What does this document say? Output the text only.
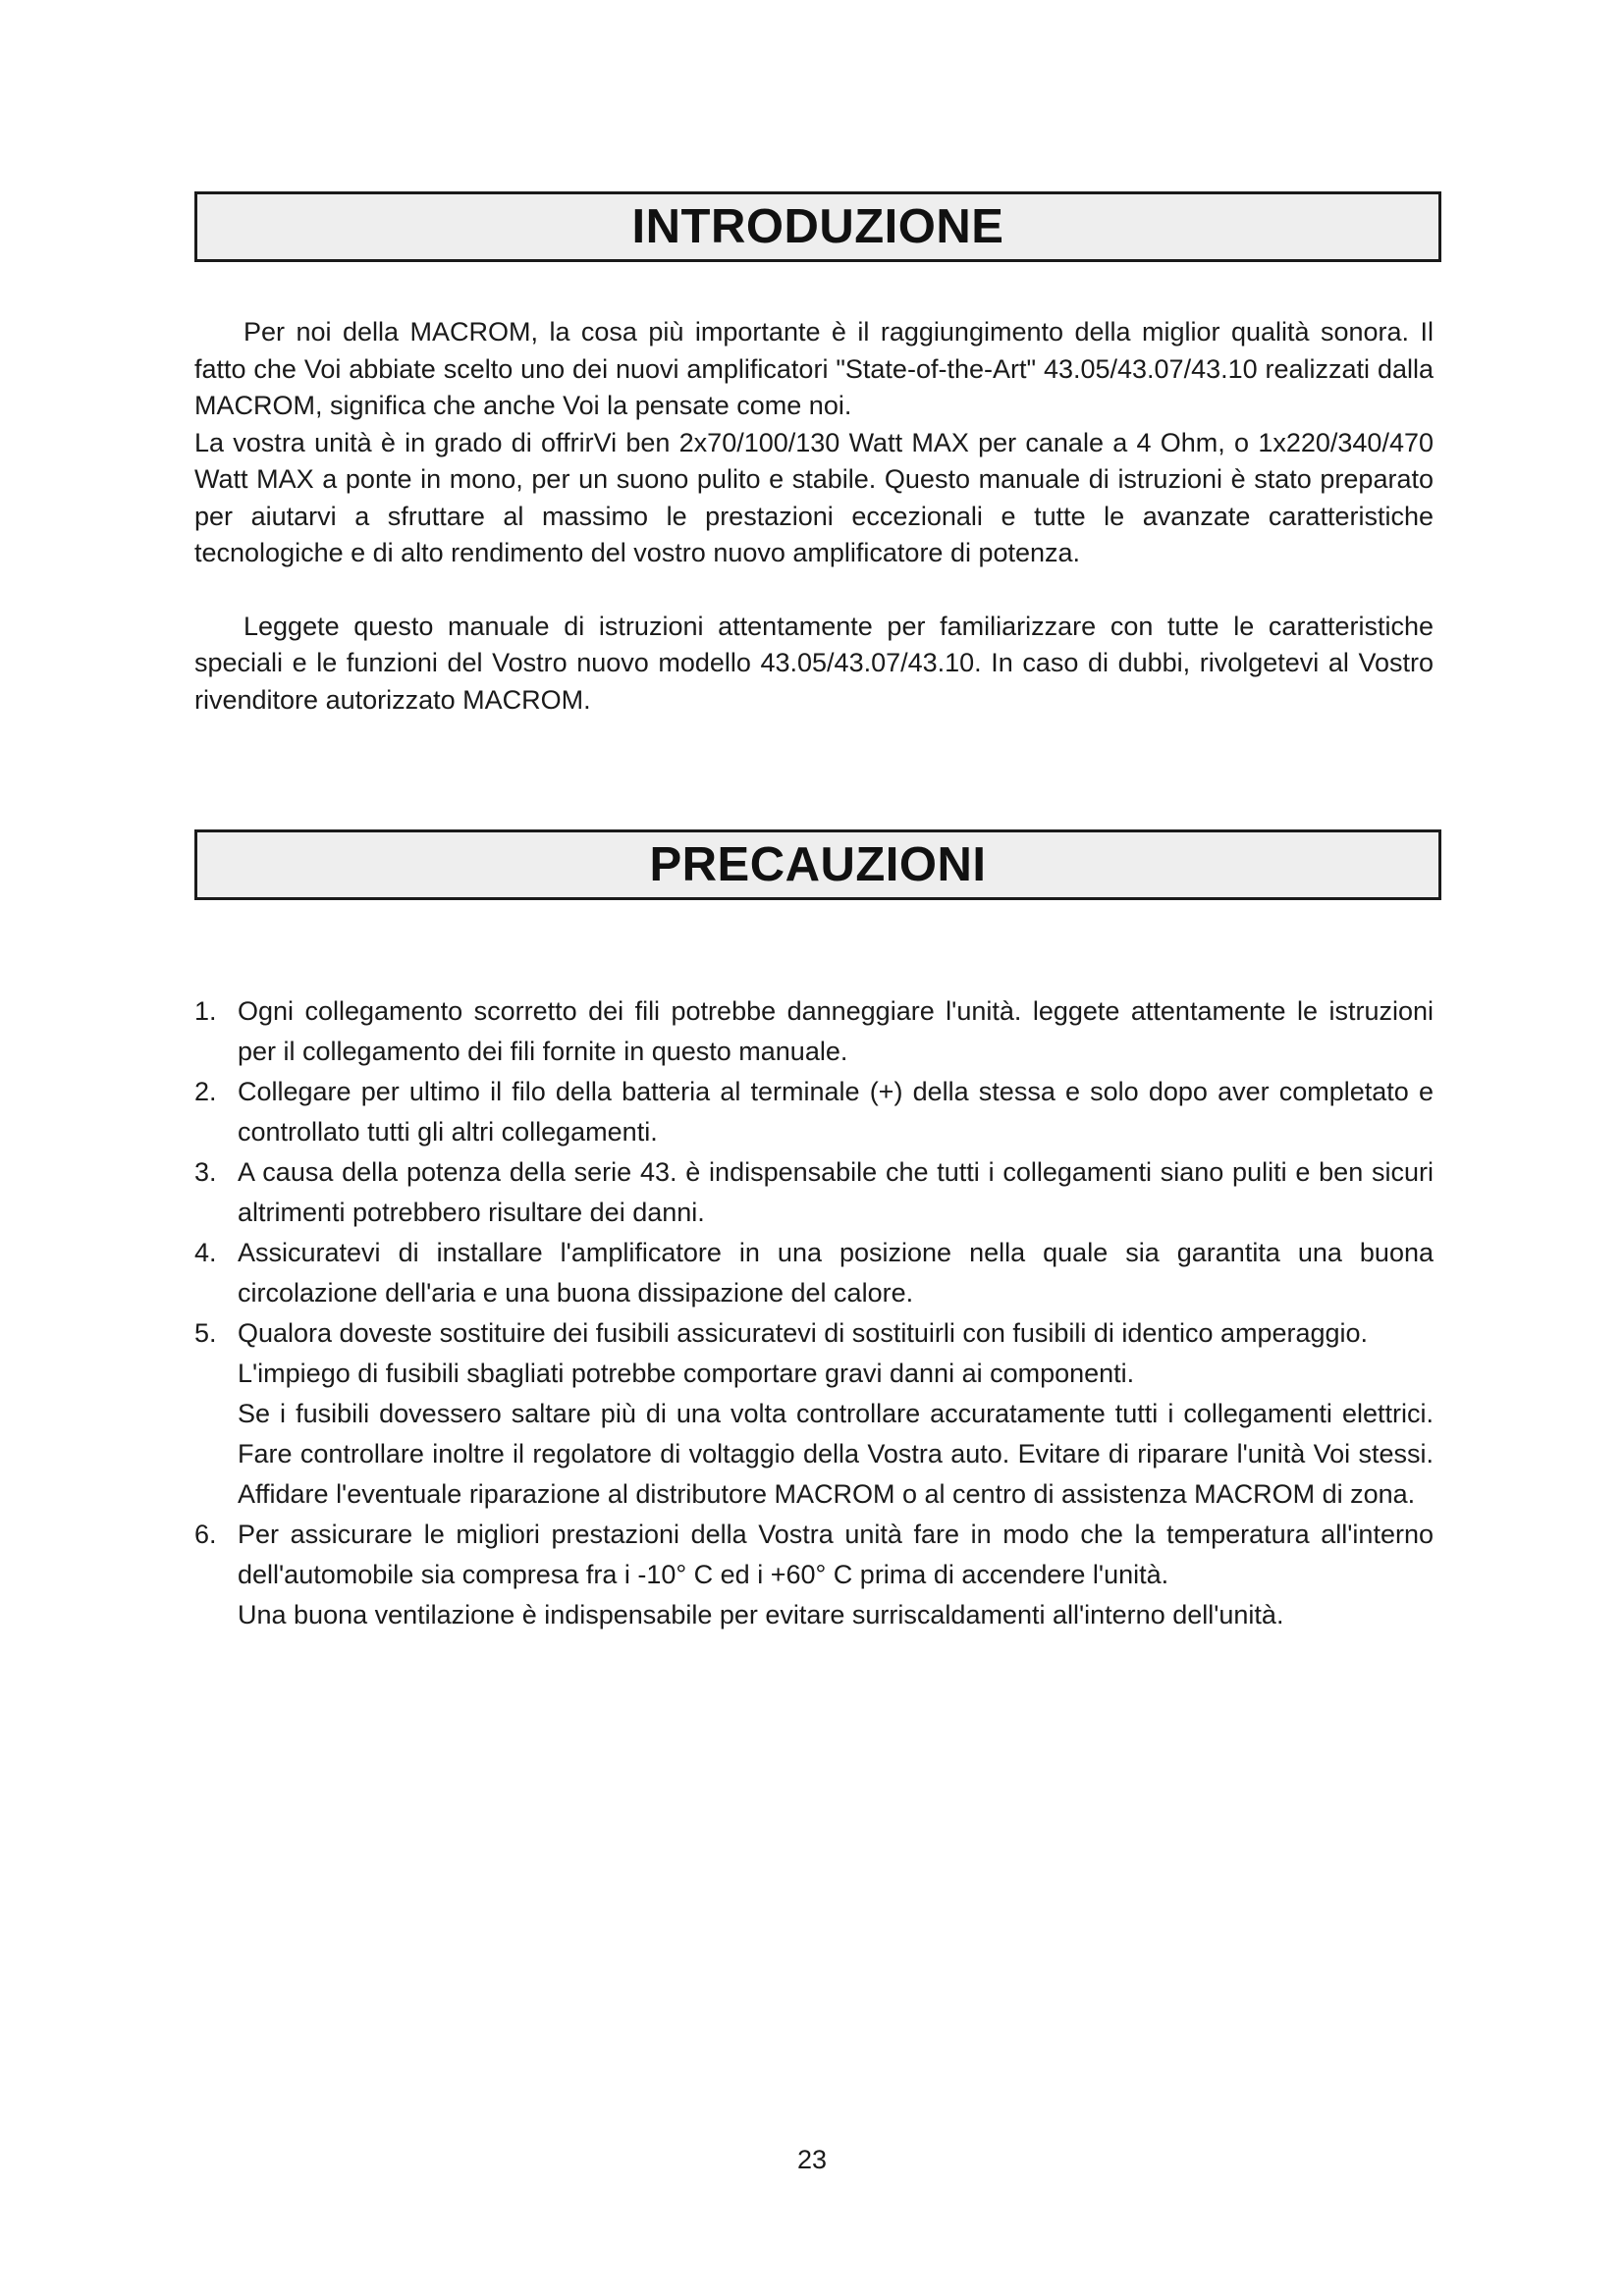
INTRODUZIONE

Per noi della MACROM, la cosa più importante è il raggiungimento della miglior qualità sonora. Il fatto che Voi abbiate scelto uno dei nuovi amplificatori "State-of-the-Art" 43.05/43.07/43.10 realizzati dalla MACROM, significa che anche Voi la pensate come noi.

La vostra unità è in grado di offrirVi ben 2x70/100/130 Watt MAX per canale a 4 Ohm, o 1x220/340/470 Watt MAX a ponte in mono, per un suono pulito e stabile. Questo manuale di istruzioni è stato preparato per aiutarvi a sfruttare al massimo le prestazioni eccezionali e tutte le avanzate caratteristiche tecnologiche e di alto rendimento del vostro nuovo amplificatore di potenza.

Leggete questo manuale di istruzioni attentamente per familiarizzare con tutte le caratteristiche speciali e le funzioni del Vostro nuovo modello 43.05/43.07/43.10. In caso di dubbi, rivolgetevi al Vostro rivenditore autorizzato MACROM.

PRECAUZIONI
1. Ogni collegamento scorretto dei fili potrebbe danneggiare l'unità. leggete attentamente le istruzioni per il collegamento dei fili fornite in questo manuale.
2. Collegare per ultimo il filo della batteria al terminale (+) della stessa e solo dopo aver completato e controllato tutti gli altri collegamenti.
3. A causa della potenza della serie 43. è indispensabile che tutti i collegamenti siano puliti e ben sicuri altrimenti potrebbero risultare dei danni.
4. Assicuratevi di installare l'amplificatore in una posizione nella quale sia garantita una buona circolazione dell'aria e una buona dissipazione del calore.
5. Qualora doveste sostituire dei fusibili assicuratevi di sostituirli con fusibili di identico amperaggio.
L'impiego di fusibili sbagliati potrebbe comportare gravi danni ai componenti.
Se i fusibili dovessero saltare più di una volta controllare accuratamente tutti i collegamenti elettrici. Fare controllare inoltre il regolatore di voltaggio della Vostra auto. Evitare di riparare l'unità Voi stessi. Affidare l'eventuale riparazione al distributore MACROM o al centro di assistenza MACROM di zona.
6. Per assicurare le migliori prestazioni della Vostra unità fare in modo che la temperatura all'interno dell'automobile sia compresa fra i -10° C ed i +60° C prima di accendere l'unità.
Una buona ventilazione è indispensabile per evitare surriscaldamenti all'interno dell'unità.
23
